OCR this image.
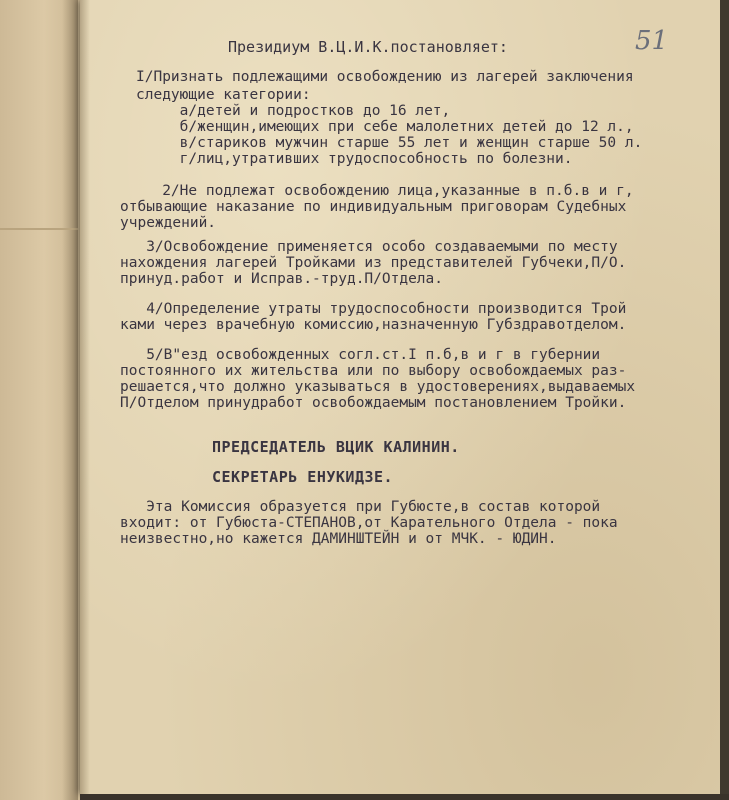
51

Президиум В.Ц.И.К.постановляет:

I/Признать подлежащими освобождению из лагерей заключения

следующие категории:

а/детей и подростков до 16 лет,

б/женщин,имеющих при себе малолетних детей до 12 л.,

в/стариков мужчин старше 55 лет и женщин старше 50 л.

г/лиц,утративших трудоспособность по болезни.

2/Не подлежат освобождению лица,указанные в п.б.в и г,

отбывающие наказание по индивидуальным приговорам Судебных

учреждений.

3/Освобождение применяется особо создаваемыми по месту

нахождения лагерей Тройками из представителей Губчеки,П/О.

принуд.работ и Исправ.-труд.П/Отдела.

4/Определение утраты трудоспособности производится Трой

ками через врачебную комиссию,назначенную Губздравотделом.

5/В"езд освобожденных согл.ст.I п.б,в и г в губернии

постоянного их жительства или по выбору освобождаемых раз-

решается,что должно указываться в удостоверениях,выдаваемых

П/Отделом принудработ освобождаемым постановлением Тройки.

ПРЕДСЕДАТЕЛЬ ВЦИК КАЛИНИН.

СЕКРЕТАРЬ ЕНУКИДЗЕ.

Эта Комиссия образуется при Губюсте,в состав которой

входит: от Губюста-СТЕПАНОВ,от Карательного Отдела - пока

неизвестно,но кажется ДАМИНШТЕЙН и от МЧК. - ЮДИН.
